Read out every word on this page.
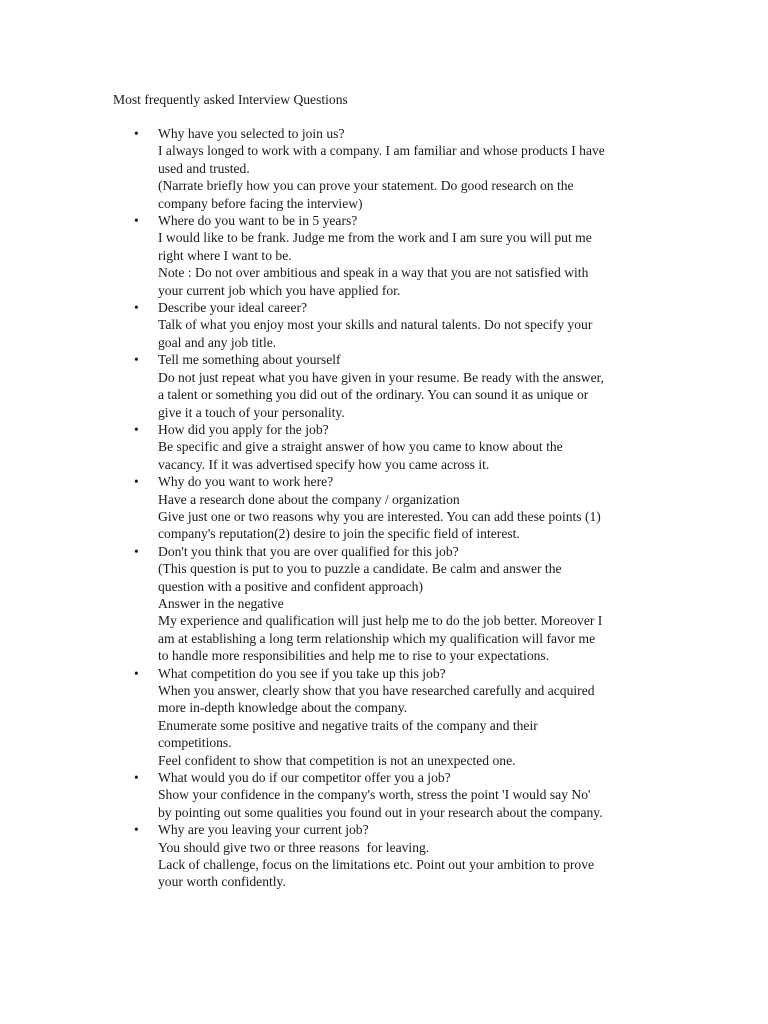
Most frequently asked Interview Questions
• Why have you selected to join us?
I always longed to work with a company. I am familiar and whose products I have
used and trusted.
(Narrate briefly how you can prove your statement. Do good research on the
company before facing the interview)
• Where do you want to be in 5 years?
I would like to be frank. Judge me from the work and I am sure you will put me
right where I want to be.
Note : Do not over ambitious and speak in a way that you are not satisfied with
your current job which you have applied for.
• Describe your ideal career?
Talk of what you enjoy most your skills and natural talents. Do not specify your
goal and any job title.
• Tell me something about yourself
Do not just repeat what you have given in your resume. Be ready with the answer,
a talent or something you did out of the ordinary. You can sound it as unique or
give it a touch of your personality.
• How did you apply for the job?
Be specific and give a straight answer of how you came to know about the
vacancy. If it was advertised specify how you came across it.
• Why do you want to work here?
Have a research done about the company / organization
Give just one or two reasons why you are interested. You can add these points (1)
company's reputation(2) desire to join the specific field of interest.
• Don't you think that you are over qualified for this job?
(This question is put to you to puzzle a candidate. Be calm and answer the
question with a positive and confident approach)
Answer in the negative
My experience and qualification will just help me to do the job better. Moreover I
am at establishing a long term relationship which my qualification will favor me
to handle more responsibilities and help me to rise to your expectations.
• What competition do you see if you take up this job?
When you answer, clearly show that you have researched carefully and acquired
more in-depth knowledge about the company.
Enumerate some positive and negative traits of the company and their
competitions.
Feel confident to show that competition is not an unexpected one.
• What would you do if our competitor offer you a job?
Show your confidence in the company's worth, stress the point 'I would say No'
by pointing out some qualities you found out in your research about the company.
• Why are you leaving your current job?
You should give two or three reasons  for leaving.
Lack of challenge, focus on the limitations etc. Point out your ambition to prove
your worth confidently.
